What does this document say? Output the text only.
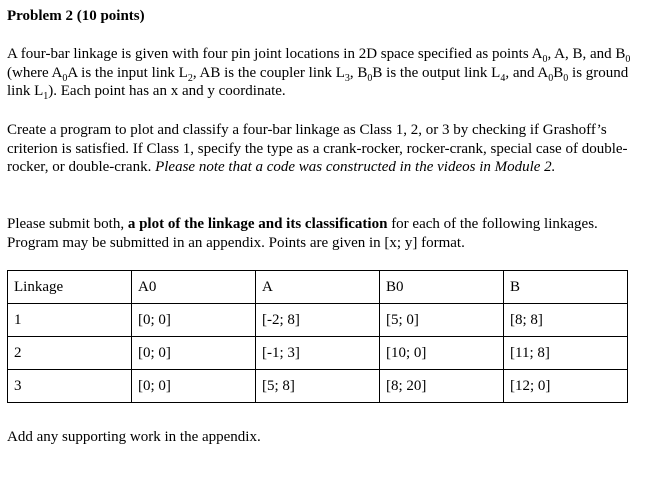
Problem 2 (10 points)

A four-bar linkage is given with four pin joint locations in 2D space specified as points $A_0$, A, B, and $B_0$ (where $A_0A$ is the input link $L_2$, AB is the coupler link $L_3$, $B_0B$ is the output link $L_4$, and $A_0B_0$ is ground link $L_1$). Each point has an x and y coordinate.

Create a program to plot and classify a four-bar linkage as Class 1, 2, or 3 by checking if Grashoff’s criterion is satisfied. If Class 1, specify the type as a crank-rocker, rocker-crank, special case of double-rocker, or double-crank. Please note that a code was constructed in the videos in Module 2.

Please submit both, a plot of the linkage and its classification for each of the following linkages. Program may be submitted in an appendix. Points are given in [x; y] format.

Linkage	A0	A	B0	B
1	[0; 0]	[-2; 8]	[5; 0]	[8; 8]
2	[0; 0]	[-1; 3]	[10; 0]	[11; 8]
3	[0; 0]	[5; 8]	[8; 20]	[12; 0]
Add any supporting work in the appendix.
